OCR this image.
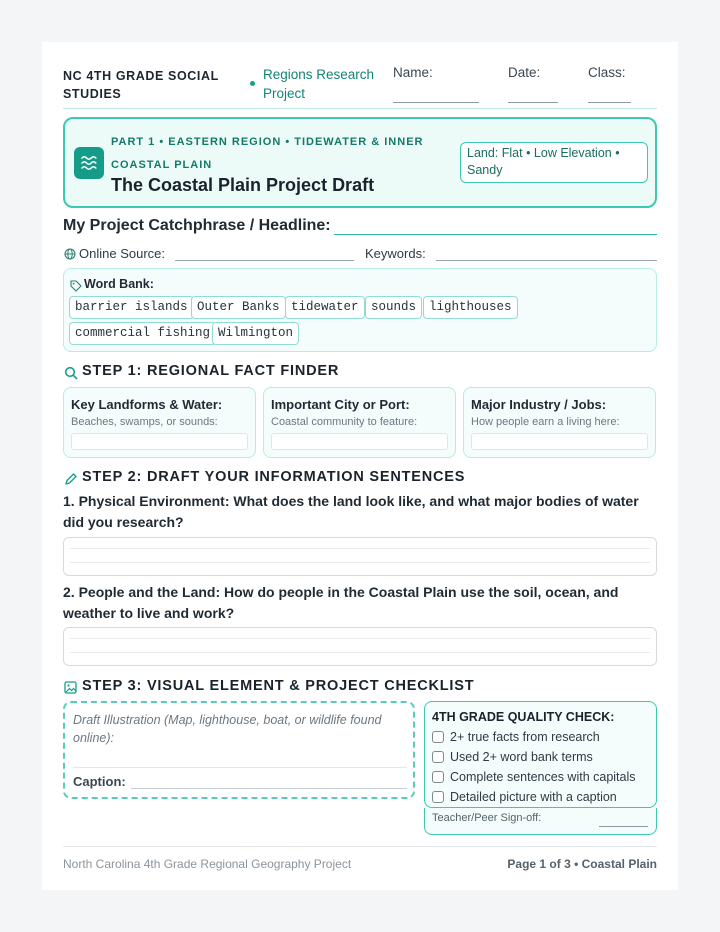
NC 4TH GRADE SOCIAL STUDIES
Regions Research Project
Name:	Date:	Class:
PART 1 • EASTERN REGION • TIDEWATER & INNER COASTAL PLAIN
The Coastal Plain Project Draft
Land: Flat • Low Elevation • Sandy
My Project Catchphrase / Headline:
Online Source:	Keywords:
Word Bank:
barrier islands Outer Banks tidewater sounds	lighthouses
commercial fishing Wilmington
STEP 1: REGIONAL FACT FINDER
Key Landforms & Water:
Beaches, swamps, or sounds:
Important City or Port:
Coastal community to feature:
Major Industry / Jobs:
How people earn a living here:
STEP 2: DRAFT YOUR INFORMATION SENTENCES
1. Physical Environment: What does the land look like, and what major bodies of water did you research?
2. People and the Land: How do people in the Coastal Plain use the soil, ocean, and weather to live and work?
STEP 3: VISUAL ELEMENT & PROJECT CHECKLIST
Draft Illustration (Map, lighthouse, boat, or wildlife found online):
Caption:
4TH GRADE QUALITY CHECK:
2+ true facts from research
Used 2+ word bank terms
Complete sentences with capitals
Detailed picture with a caption
Teacher/Peer Sign-off:
North Carolina 4th Grade Regional Geography Project	Page 1 of 3 • Coastal Plain
